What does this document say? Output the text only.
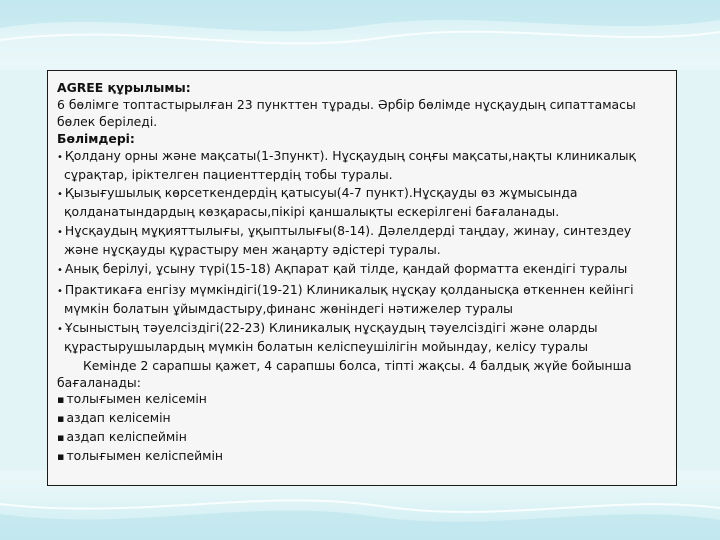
AGREE құрылымы:

6 бөлімге топтастырылған 23 пункттен тұрады. Әрбір бөлімде нұсқаудың сипаттамасы бөлек беріледі.

Бөлімдері:

• Қолдану орны және мақсаты(1-3пункт). Нұсқаудың соңғы мақсаты,нақты клиникалық сұрақтар, іріктелген пациенттердің тобы туралы.
• Қызығушылық көрсеткендердің қатысуы(4-7 пункт).Нұсқауды өз жұмысында қолданатындардың көзқарасы,пікірі қаншалықты ескерілгені бағаланады.
• Нұсқаудың мұқияттылығы, ұқыптылығы(8-14). Дәлелдерді таңдау, жинау, синтездеу және нұсқауды құрастыру мен жаңарту әдістері туралы.
• Анық берілуі, ұсыну түрі(15-18) Ақпарат қай тілде, қандай форматта екендігі туралы
• Практикаға енгізу мүмкіндігі(19-21) Клиникалық нұсқау қолданысқа өткеннен кейінгі мүмкін болатын ұйымдастыру,финанс жөніндегі нәтижелер туралы
• Ұсыныстың тәуелсіздігі(22-23) Клиникалық нұсқаудың тәуелсіздігі және оларды құрастырушылардың мүмкін болатын келіспеушілігін мойындау, келісу туралы

Кемінде 2 сарапшы қажет, 4 сарапшы болса, тіпті жақсы. 4 балдық жүйе бойынша бағаланады:

▪ толығымен келісемін
▪ аздап келісемін
▪ аздап келіспеймін
▪ толығымен келіспеймін
